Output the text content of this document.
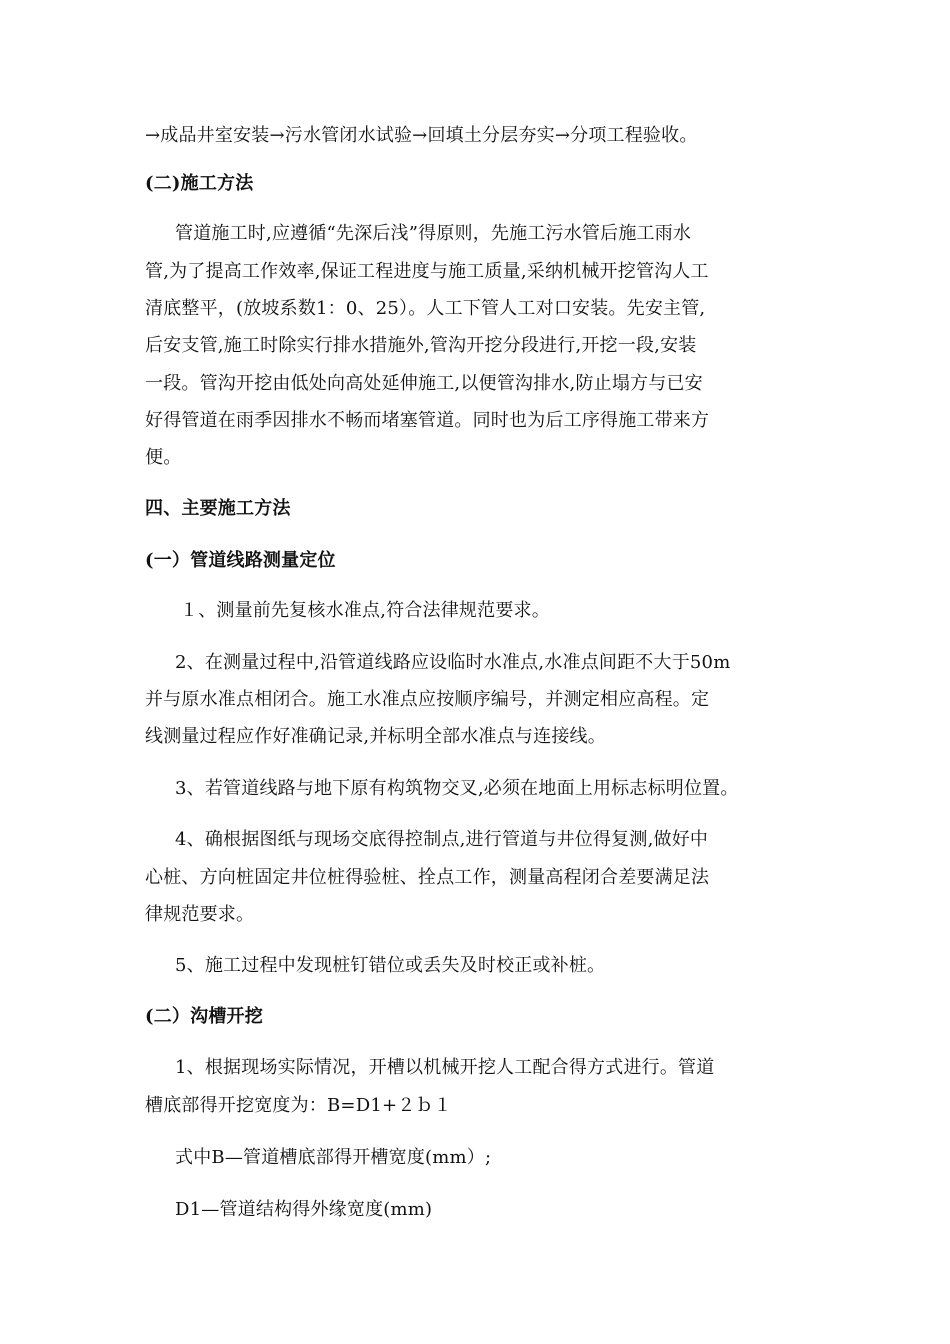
→成品井室安装→污水管闭水试验→回填土分层夯实→分项工程验收。
(二)施工方法
管道施工时,应遵循“先深后浅”得原则，先施工污水管后施工雨水
管,为了提高工作效率,保证工程进度与施工质量,采纳机械开挖管沟人工
清底整平，(放坡系数1：0、25）。人工下管人工对口安装。先安主管,
后安支管,施工时除实行排水措施外,管沟开挖分段进行,开挖一段,安装
一段。管沟开挖由低处向高处延伸施工,以便管沟排水,防止塌方与已安
好得管道在雨季因排水不畅而堵塞管道。同时也为后工序得施工带来方
便。
四、主要施工方法
(一）管道线路测量定位
１、测量前先复核水准点,符合法律规范要求。
2、在测量过程中,沿管道线路应设临时水准点,水准点间距不大于50m
并与原水准点相闭合。施工水准点应按顺序编号，并测定相应高程。定
线测量过程应作好准确记录,并标明全部水准点与连接线。
3、若管道线路与地下原有构筑物交叉,必须在地面上用标志标明位置。
4、确根据图纸与现场交底得控制点,进行管道与井位得复测,做好中
心桩、方向桩固定井位桩得验桩、拴点工作，测量高程闭合差要满足法
律规范要求。
5、施工过程中发现桩钉错位或丢失及时校正或补桩。
(二）沟槽开挖
1、根据现场实际情况，开槽以机械开挖人工配合得方式进行。管道
槽底部得开挖宽度为：B=D1+２ｂ１
式中B—管道槽底部得开槽宽度(mm）;
D1—管道结构得外缘宽度(mm)
